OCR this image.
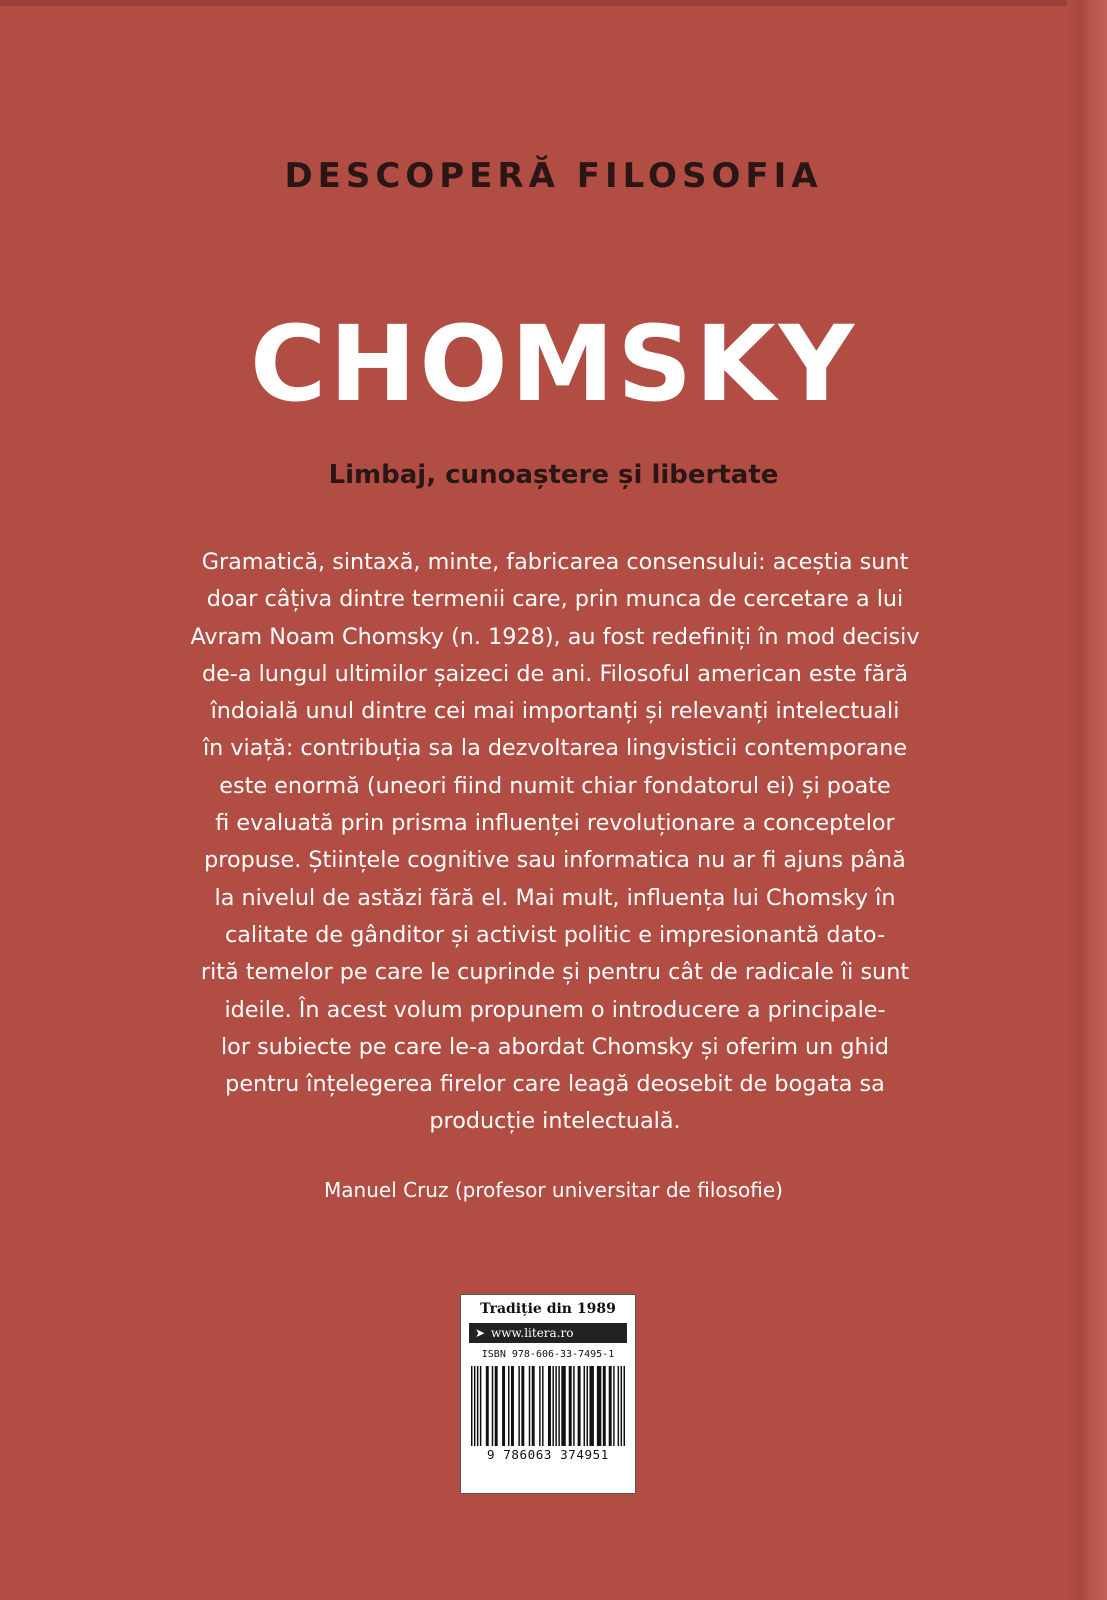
DESCOPERĂ FILOSOFIA
CHOMSKY
Limbaj, cunoaștere și libertate
Gramatică, sintaxă, minte, fabricarea consensului: aceștia sunt
doar câțiva dintre termenii care, prin munca de cercetare a lui
Avram Noam Chomsky (n. 1928), au fost redefiniți în mod decisiv
de-a lungul ultimilor șaizeci de ani. Filosoful american este fără
îndoială unul dintre cei mai importanți și relevanți intelectuali
în viață: contribuția sa la dezvoltarea lingvisticii contemporane
este enormă (uneori fiind numit chiar fondatorul ei) și poate
fi evaluată prin prisma influenței revoluționare a conceptelor
propuse. Științele cognitive sau informatica nu ar fi ajuns până
la nivelul de astăzi fără el. Mai mult, influența lui Chomsky în
calitate de gânditor și activist politic e impresionantă dato-
rită temelor pe care le cuprinde și pentru cât de radicale îi sunt
ideile. În acest volum propunem o introducere a principale-
lor subiecte pe care le-a abordat Chomsky și oferim un ghid
pentru înțelegerea firelor care leagă deosebit de bogata sa
producție intelectuală.
Manuel Cruz (profesor universitar de filosofie)
Tradiție din 1989
➤ www.litera.ro
ISBN 978-606-33-7495-1
9 786063 374951
